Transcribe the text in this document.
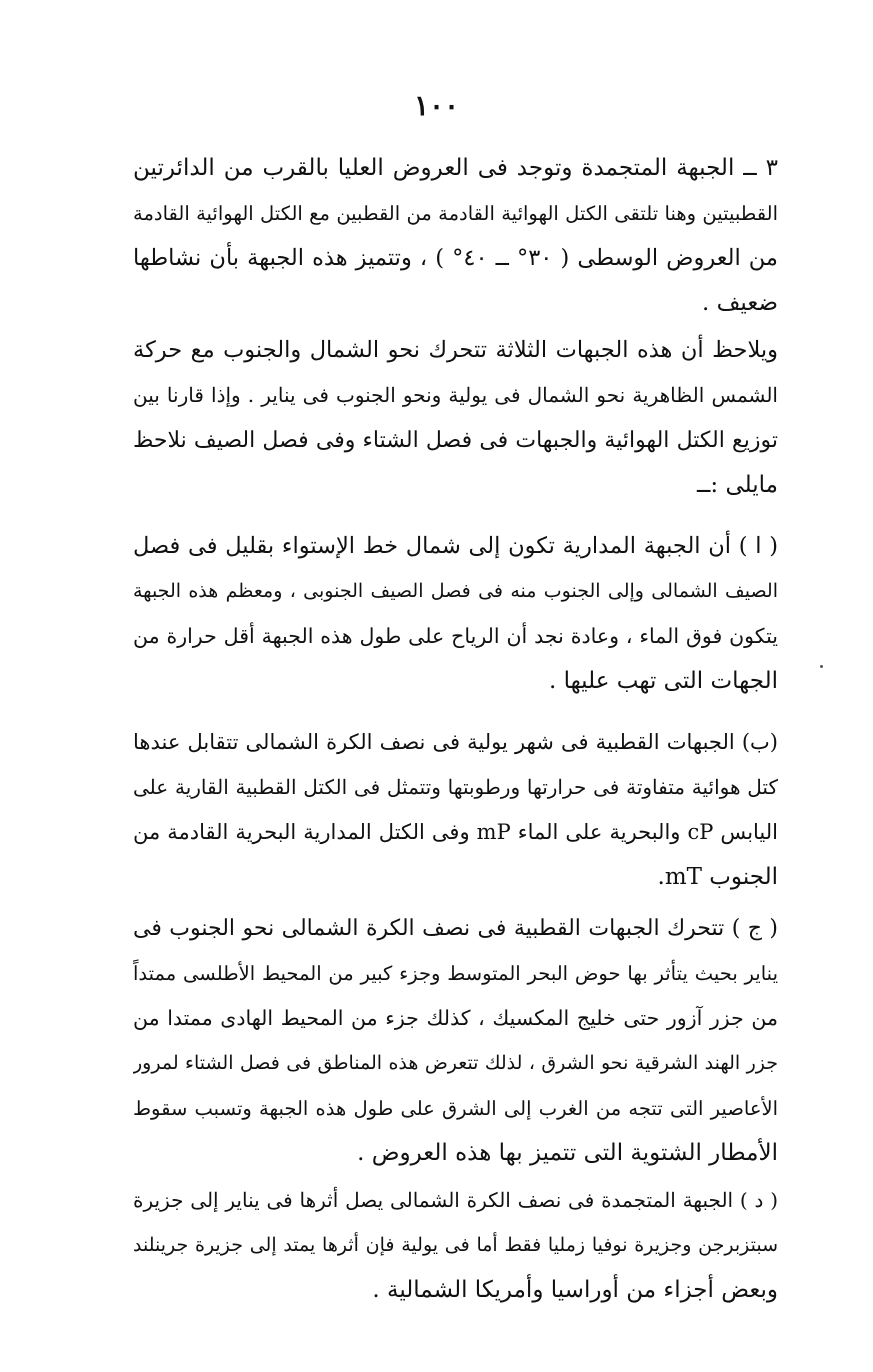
١٠٠
٣ ــ الجبهة المتجمدة وتوجد فى العروض العليا بالقرب من الدائرتين
القطبيتين وهنا تلتقى الكتل الهوائية القادمة من القطبين مع الكتل الهوائية القادمة
من العروض الوسطى ( ٣٠° ــ ٤٠° ) ، وتتميز هذه الجبهة بأن نشاطها
ضعيف .
ويلاحظ أن هذه الجبهات الثلاثة تتحرك نحو الشمال والجنوب مع حركة
الشمس الظاهرية نحو الشمال فى يولية ونحو الجنوب فى يناير . وإذا قارنا بين
توزيع الكتل الهوائية والجبهات فى فصل الشتاء وفى فصل الصيف نلاحظ
مايلى :ــ
( ا ) أن الجبهة المدارية تكون إلى شمال خط الإستواء بقليل فى فصل
الصيف الشمالى وإلى الجنوب منه فى فصل الصيف الجنوبى ، ومعظم هذه الجبهة
يتكون فوق الماء ، وعادة نجد أن الرياح على طول هذه الجبهة أقل حرارة من
الجهات التى تهب عليها .
(ب) الجبهات القطبية فى شهر يولية فى نصف الكرة الشمالى تتقابل عندها
كتل هوائية متفاوتة فى حرارتها ورطوبتها وتتمثل فى الكتل القطبية القارية على
اليابس cP والبحرية على الماء mP وفى الكتل المدارية البحرية القادمة من
الجنوب mT.
( ج ) تتحرك الجبهات القطبية فى نصف الكرة الشمالى نحو الجنوب فى
يناير بحيث يتأثر بها حوض البحر المتوسط وجزء كبير من المحيط الأطلسى ممتداً
من جزر آزور حتى خليج المكسيك ، كذلك جزء من المحيط الهادى ممتدا من
جزر الهند الشرقية نحو الشرق ، لذلك تتعرض هذه المناطق فى فصل الشتاء لمرور
الأعاصير التى تتجه من الغرب إلى الشرق على طول هذه الجبهة وتسبب سقوط
الأمطار الشتوية التى تتميز بها هذه العروض .
( د ) الجبهة المتجمدة فى نصف الكرة الشمالى يصل أثرها فى يناير إلى جزيرة
سبتزبرجن وجزيرة نوفيا زمليا فقط أما فى يولية فإن أثرها يمتد إلى جزيرة جرينلند
وبعض أجزاء من أوراسيا وأمريكا الشمالية .
